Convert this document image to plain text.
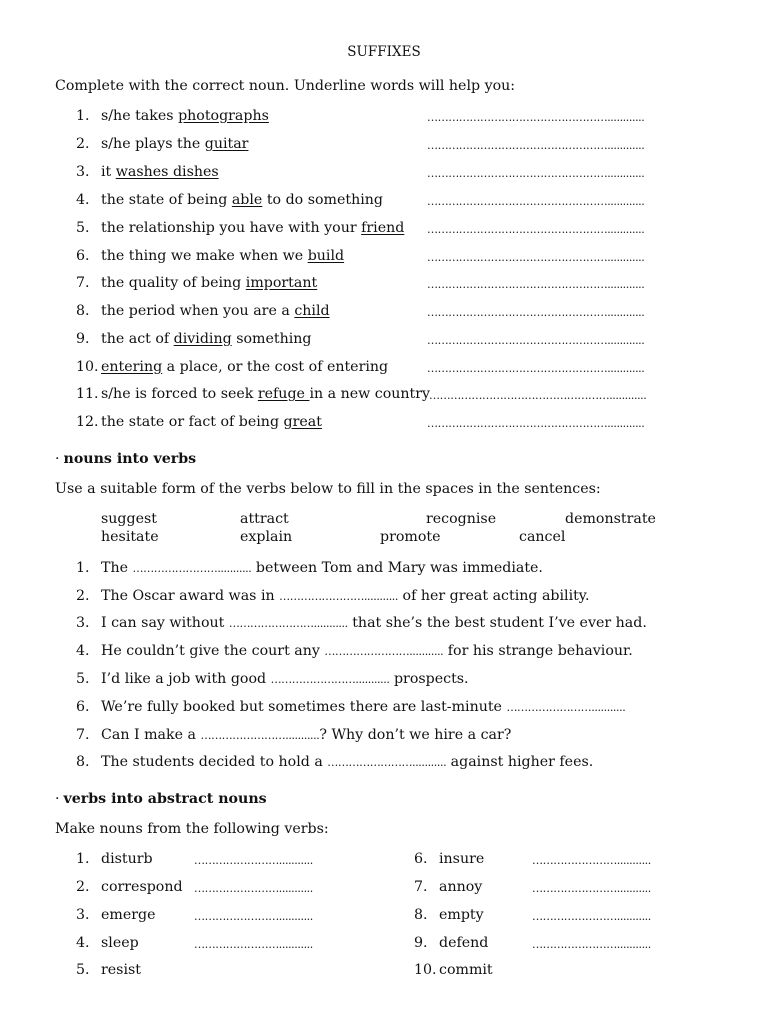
SUFFIXES
Complete with the correct noun. Underline words will help you:
1. s/he takes photographs	……………………………………………............
2. s/he plays the guitar	……………………………………………............
3. it washes dishes	……………………………………………............
4. the state of being able to do something	……………………………………………............
5. the relationship you have with your friend ……………………………………………............
6. the thing we make when we build	……………………………………………............
7. the quality of being important	……………………………………………............
8. the period when you are a child	……………………………………………............
9. the act of dividing something	……………………………………………............
10. entering a place, or the cost of entering	……………………………………………............
11. s/he is forced to seek refuge in a new country
……………………………………………............
12. the state or fact of being great	……………………………………………............
· nouns into verbs
Use a suitable form of the verbs below to fill in the spaces in the sentences:
suggest	attract	recognise	demonstrate
hesitate	explain	promote	cancel
1. The ……………………........... between Tom and Mary was immediate.
2. The Oscar award was in ……………………........... of her great acting ability.
3. I can say without ……………………........... that she’s the best student I’ve ever had.
4. He couldn’t give the court any ……………………........... for his strange behaviour.
5. I’d like a job with good ……………………........... prospects.
6. We’re fully booked but sometimes there are last-minute ……………………...........
7. Can I make a ……………………...........? Why don’t we hire a car?
8. The students decided to hold a ……………………........... against higher fees.
· verbs into abstract nouns
Make nouns from the following verbs:
1. disturb	……………………...........
2. correspond ……………………...........
3. emerge	……………………...........
4. sleep	……………………...........
5. resist
6. insure	……………………...........
7. annoy	……………………...........
8. empty	……………………...........
9. defend	……………………...........
10. commit
